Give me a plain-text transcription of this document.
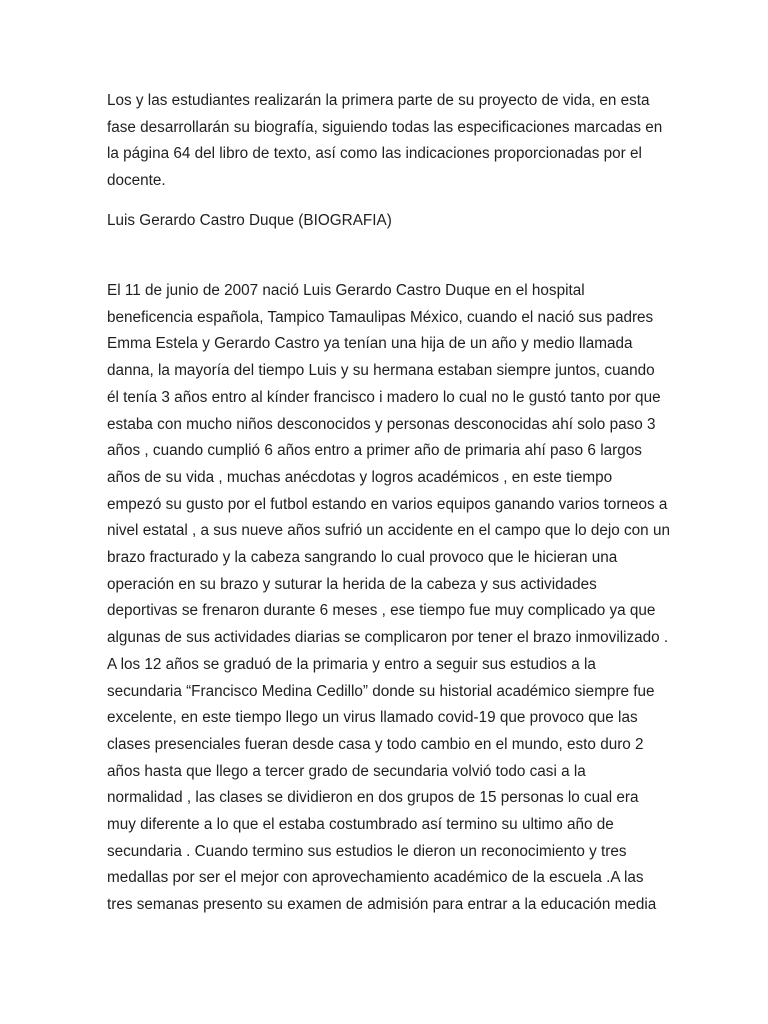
Los y las estudiantes realizarán la primera parte de su proyecto de vida, en esta
fase desarrollarán su biografía, siguiendo todas las especificaciones marcadas en
la página 64 del libro de texto, así como las indicaciones proporcionadas por el
docente.
Luis Gerardo Castro Duque (BIOGRAFIA)
El 11 de junio de 2007 nació Luis Gerardo Castro Duque en el hospital
beneficencia española, Tampico Tamaulipas México, cuando el nació sus padres
Emma Estela y Gerardo Castro ya tenían una hija de un año y medio llamada
danna, la mayoría del tiempo Luis y su hermana estaban siempre juntos, cuando
él tenía 3 años entro al kínder francisco i madero lo cual no le gustó tanto por que
estaba con mucho niños desconocidos y personas desconocidas ahí solo paso 3
años , cuando cumplió 6 años entro a primer año de primaria ahí paso 6 largos
años de su vida , muchas anécdotas y logros académicos , en este tiempo
empezó su gusto por el futbol estando en varios equipos ganando varios torneos a
nivel estatal , a sus nueve años sufrió un accidente en el campo que lo dejo con un
brazo fracturado y la cabeza sangrando lo cual provoco que le hicieran una
operación en su brazo y suturar la herida de la cabeza y sus actividades
deportivas se frenaron durante 6 meses , ese tiempo fue muy complicado ya que
algunas de sus actividades diarias se complicaron por tener el brazo inmovilizado .
A los 12 años se graduó de la primaria y entro a seguir sus estudios a la
secundaria “Francisco Medina Cedillo” donde su historial académico siempre fue
excelente, en este tiempo llego un virus llamado covid-19 que provoco que las
clases presenciales fueran desde casa y todo cambio en el mundo, esto duro 2
años hasta que llego a tercer grado de secundaria volvió todo casi a la
normalidad , las clases se dividieron en dos grupos de 15 personas lo cual era
muy diferente a lo que el estaba costumbrado así termino su ultimo año de
secundaria . Cuando termino sus estudios le dieron un reconocimiento y tres
medallas por ser el mejor con aprovechamiento académico de la escuela .A las
tres semanas presento su examen de admisión para entrar a la educación media
